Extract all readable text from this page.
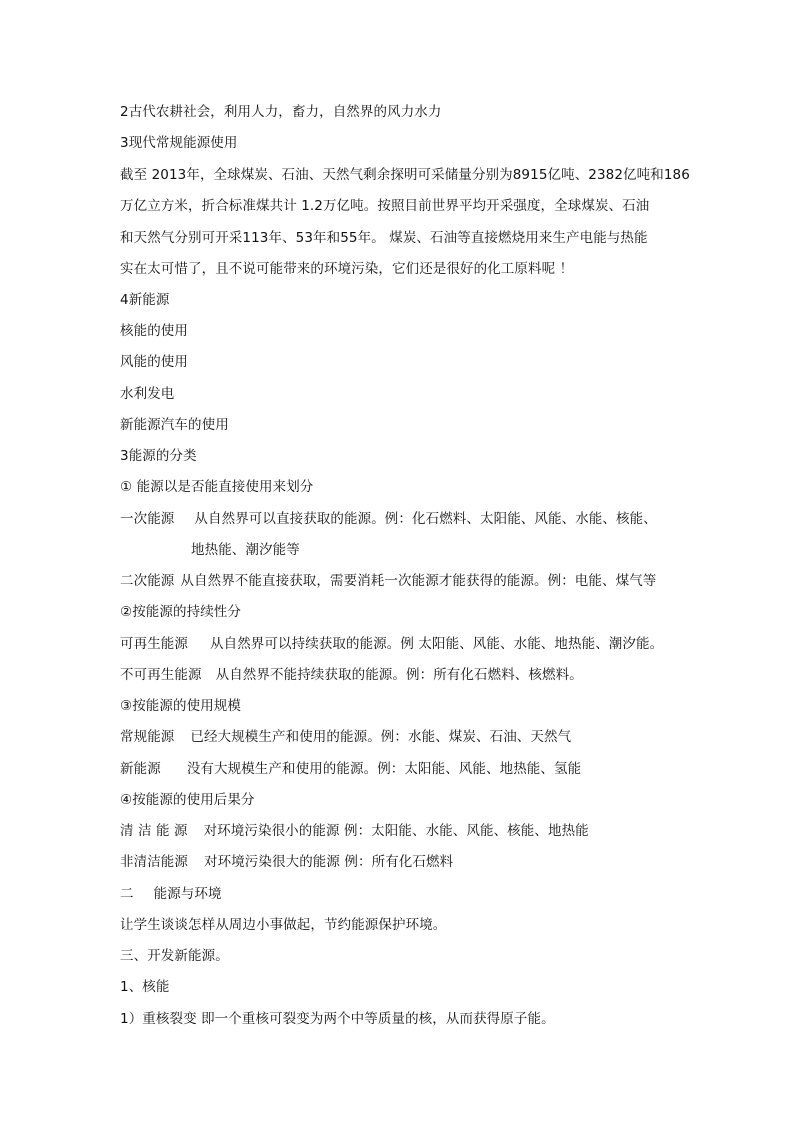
2古代农耕社会，利用人力，畜力，自然界的风力水力
3现代常规能源使用
截至 2013年，全球煤炭、石油、天然气剩余探明可采储量分别为8915亿吨、2382亿吨和186
万亿立方米，折合标准煤共计 1.2万亿吨。按照目前世界平均开采强度，全球煤炭、石油
和天然气分别可开采113年、53年和55年。 煤炭、石油等直接燃烧用来生产电能与热能
实在太可惜了，且不说可能带来的环境污染，它们还是很好的化工原料呢 ！
4新能源
核能的使用
风能的使用
水利发电
新能源汽车的使用
3能源的分类
① 能源以是否能直接使用来划分
一次能源 从自然界可以直接获取的能源。例：化石燃料、太阳能、风能、水能、核能、
地热能、潮汐能等
二次能源 从自然界不能直接获取，需要消耗一次能源才能获得的能源。例：电能、煤气等
②按能源的持续性分
可再生能源 从自然界可以持续获取的能源。例 太阳能、风能、水能、地热能、潮汐能。
不可再生能源 从自然界不能持续获取的能源。例：所有化石燃料、核燃料。
③按能源的使用规模
常规能源 已经大规模生产和使用的能源。例：水能、煤炭、石油、天然气
新能源 没有大规模生产和使用的能源。例：太阳能、风能、地热能、氢能
④按能源的使用后果分
清 洁 能 源 对环境污染很小的能源 例：太阳能、水能、风能、核能、地热能
非清洁能源 对环境污染很大的能源 例：所有化石燃料
二 能源与环境
让学生谈谈怎样从周边小事做起，节约能源保护环境。
三、开发新能源。
1、核能
1）重核裂变 即一个重核可裂变为两个中等质量的核，从而获得原子能。
